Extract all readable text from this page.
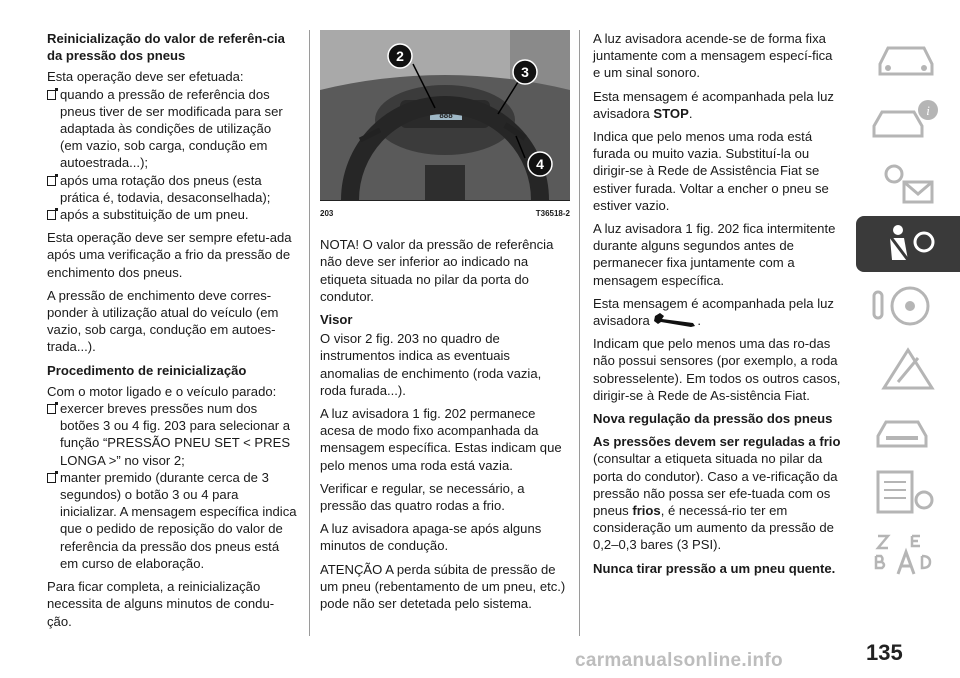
Reinicialização do valor de referên-cia da pressão dos pneus

Esta operação deve ser efetuada:

quando a pressão de referência dos pneus tiver de ser modificada para ser adaptada às condições de utilização (em vazio, sob carga, condução em autoestrada...);
após uma rotação dos pneus (esta prática é, todavia, desaconselhada);
após a substituição de um pneu.

Esta operação deve ser sempre efetu-ada após uma verificação a frio da pressão de enchimento dos pneus.

A pressão de enchimento deve corres-ponder à utilização atual do veículo (em vazio, sob carga, condução em autoes-trada...).

Procedimento de reinicialização

Com o motor ligado e o veículo parado:

exercer breves pressões num dos botões 3 ou 4 fig. 203 para selecionar a função “PRESSÃO PNEU SET < PRES LONGA >” no visor 2;
manter premido (durante cerca de 3 segundos) o botão 3 ou 4 para inicializar. A mensagem específica indica que o pedido de reposição do valor de referência da pressão dos pneus está em curso de elaboração.

Para ficar completa, a reinicialização necessita de alguns minutos de condu-ção.

888
2
3
4
203	T36518-2

NOTA! O valor da pressão de referência não deve ser inferior ao indicado na etiqueta situada no pilar da porta do condutor.

Visor

O visor 2 fig. 203 no quadro de instrumentos indica as eventuais anomalias de enchimento (roda vazia, roda furada...).

A luz avisadora 1 fig. 202 permanece acesa de modo fixo acompanhada da mensagem específica. Estas indicam que pelo menos uma roda está vazia.

Verificar e regular, se necessário, a pressão das quatro rodas a frio.

A luz avisadora apaga-se após alguns minutos de condução.

ATENÇÃO A perda súbita de pressão de um pneu (rebentamento de um pneu, etc.) pode não ser detetada pelo sistema.

A luz avisadora acende-se de forma fixa juntamente com a mensagem especí-fica e um sinal sonoro.

Esta mensagem é acompanhada pela luz avisadora STOP.

Indica que pelo menos uma roda está furada ou muito vazia. Substituí-la ou dirigir-se à Rede de Assistência Fiat se estiver furada. Voltar a encher o pneu se estiver vazio.

A luz avisadora 1 fig. 202 fica intermitente durante alguns segundos antes de permanecer fixa juntamente com a mensagem específica.

Esta mensagem é acompanhada pela luz avisadora	.

Indicam que pelo menos uma das ro-das não possui sensores (por exemplo, a roda sobresselente). Em todos os outros casos, dirigir-se à Rede de As-sistência Fiat.

Nova regulação da pressão dos pneus

As pressões devem ser reguladas a frio (consultar a etiqueta situada no pilar da porta do condutor). Caso a ve-rificação da pressão não possa ser efe-tuada com os pneus frios, é necessá-rio ter em consideração um aumento da pressão de 0,2–0,3 bares (3 PSI).

Nunca tirar pressão a um pneu quente.

i
carmanualsonline.info	135
